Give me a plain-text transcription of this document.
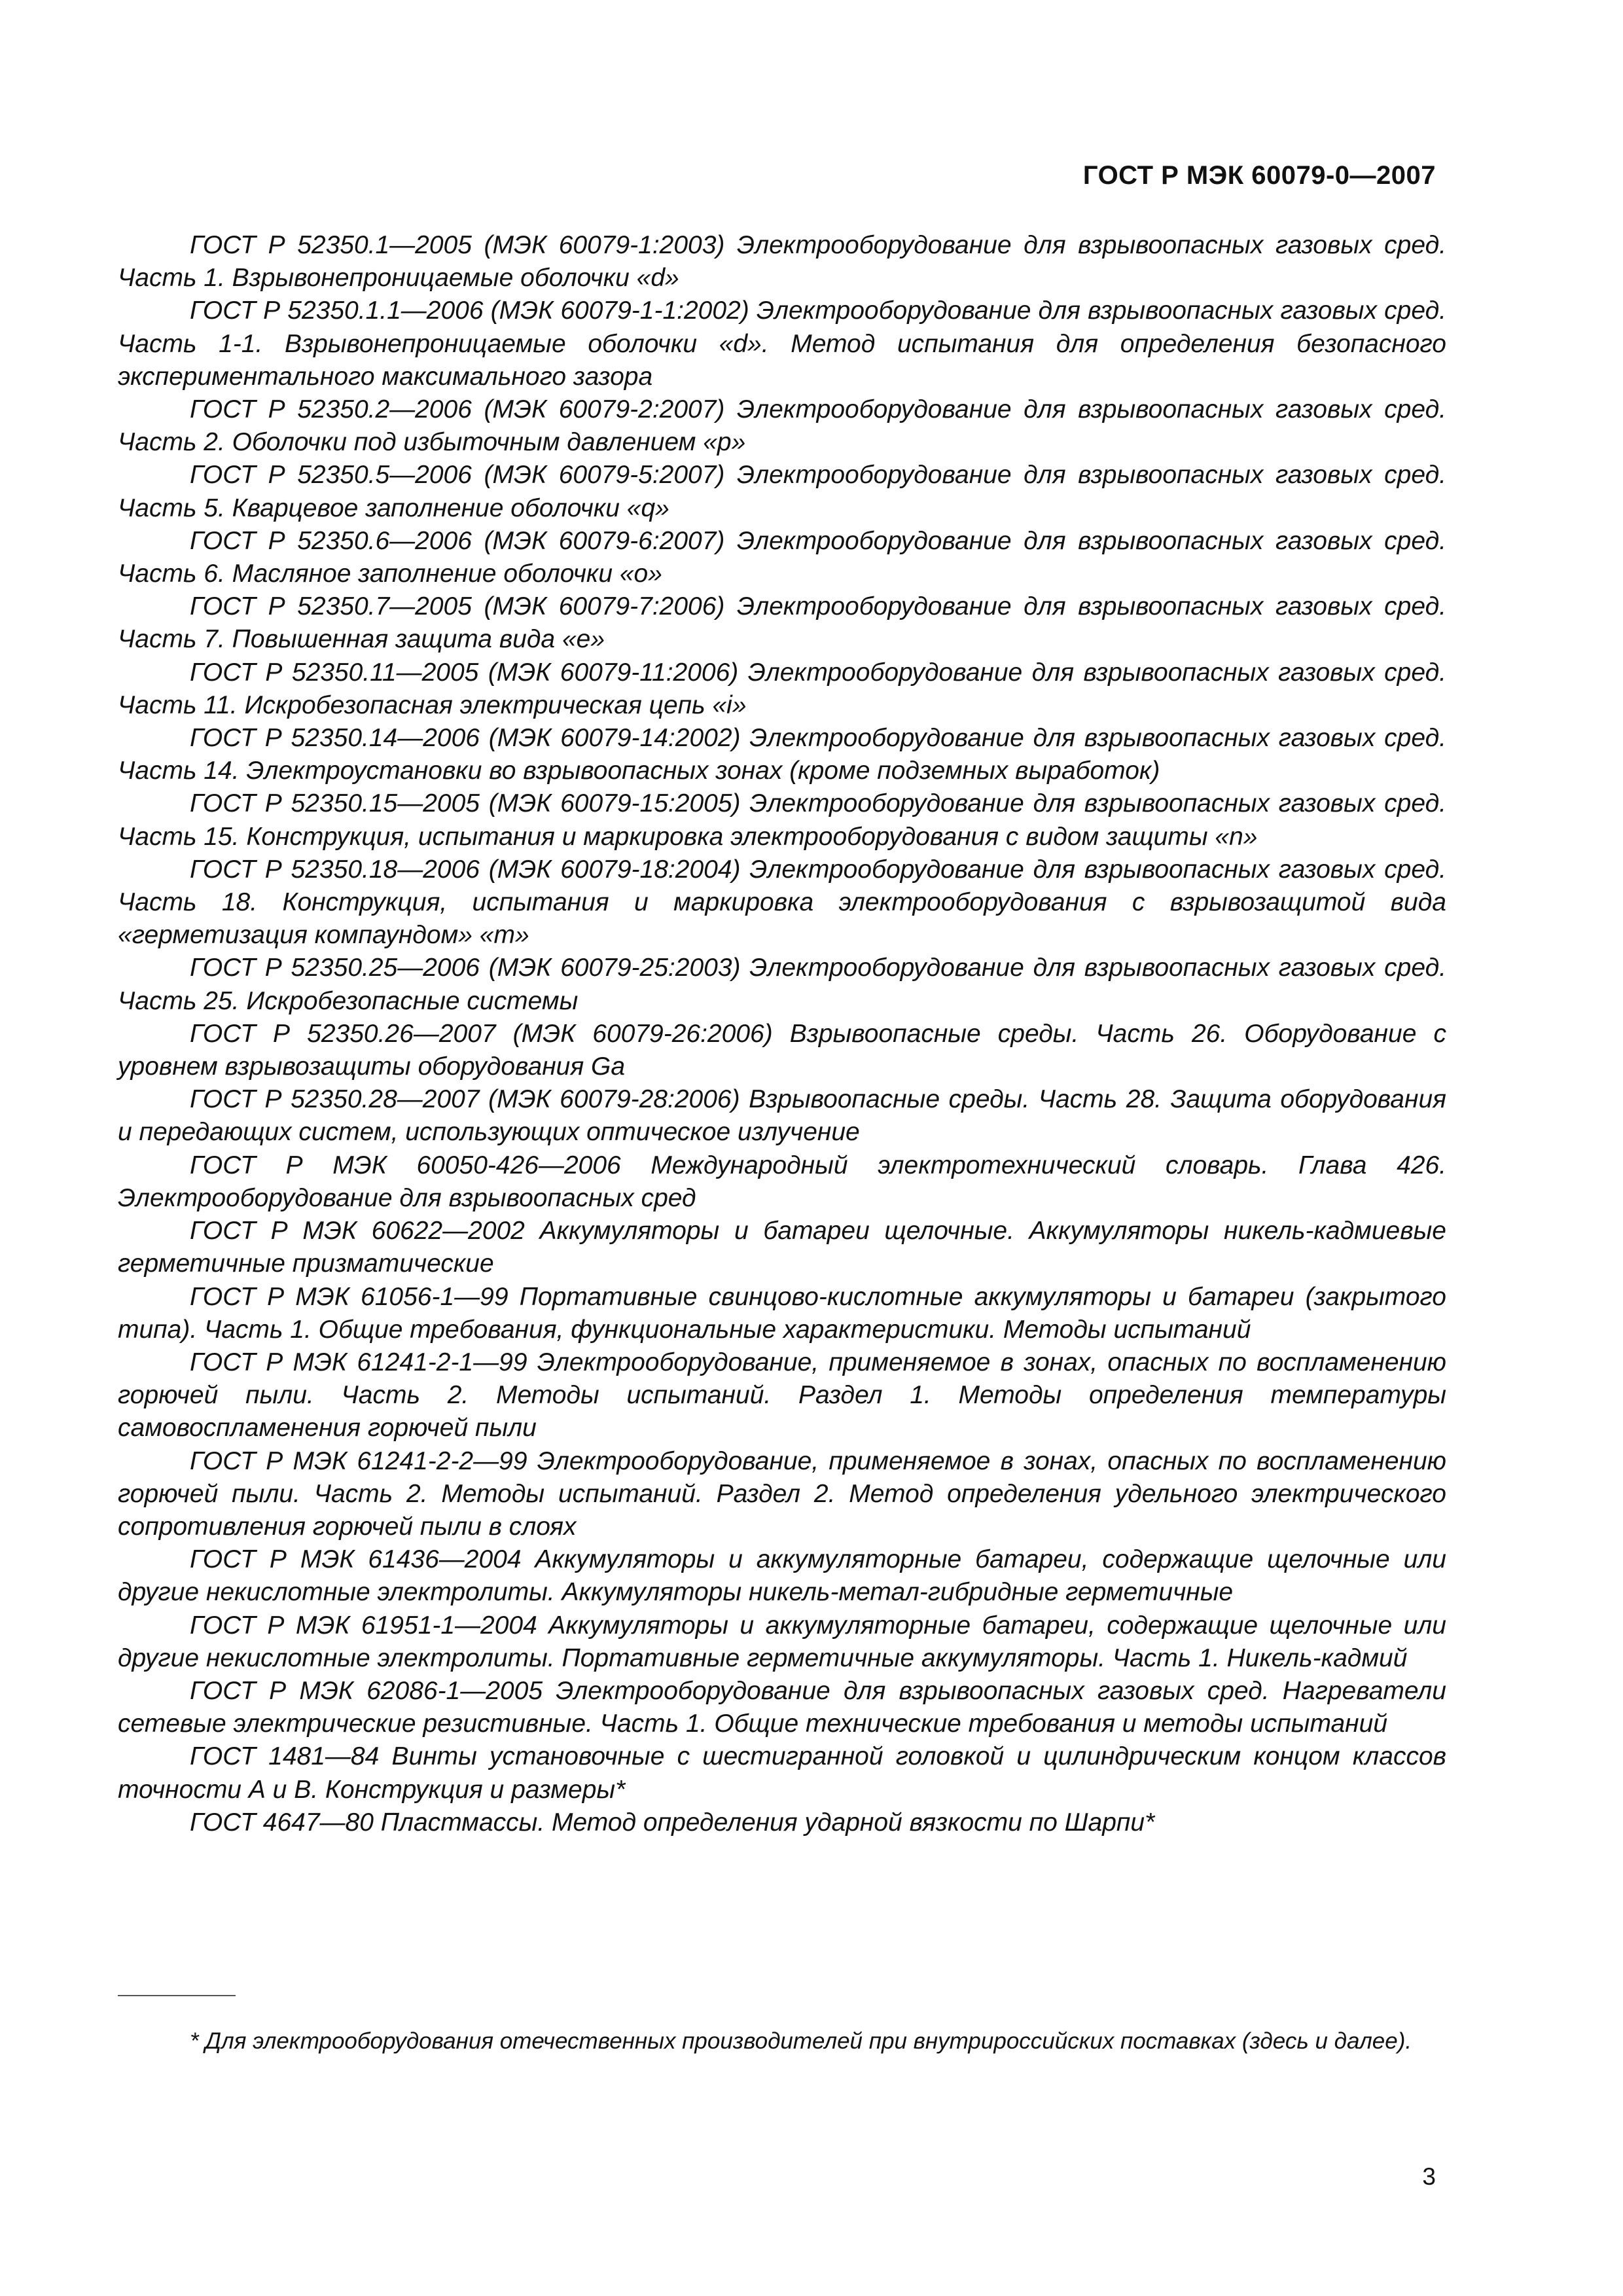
ГОСТ Р МЭК 60079-0—2007

ГОСТ Р 52350.1—2005 (МЭК 60079-1:2003) Электрооборудование для взрывоопасных газовых сред. Часть 1. Взрывонепроницаемые оболочки «d»

ГОСТ Р 52350.1.1—2006 (МЭК 60079-1-1:2002) Электрооборудование для взрывоопасных газовых сред. Часть 1-1. Взрывонепроницаемые оболочки «d». Метод испытания для определения безопасного экспериментального максимального зазора

ГОСТ Р 52350.2—2006 (МЭК 60079-2:2007) Электрооборудование для взрывоопасных газовых сред. Часть 2. Оболочки под избыточным давлением «р»

ГОСТ Р 52350.5—2006 (МЭК 60079-5:2007) Электрооборудование для взрывоопасных газовых сред. Часть 5. Кварцевое заполнение оболочки «q»

ГОСТ Р 52350.6—2006 (МЭК 60079-6:2007) Электрооборудование для взрывоопасных газовых сред. Часть 6. Масляное заполнение оболочки «о»

ГОСТ Р 52350.7—2005 (МЭК 60079-7:2006) Электрооборудование для взрывоопасных газовых сред. Часть 7. Повышенная защита вида «е»

ГОСТ Р 52350.11—2005 (МЭК 60079-11:2006) Электрооборудование для взрывоопасных газовых сред. Часть 11. Искробезопасная электрическая цепь «i»

ГОСТ Р 52350.14—2006 (МЭК 60079-14:2002) Электрооборудование для взрывоопасных газовых сред. Часть 14. Электроустановки во взрывоопасных зонах (кроме подземных выработок)

ГОСТ Р 52350.15—2005 (МЭК 60079-15:2005) Электрооборудование для взрывоопасных газовых сред. Часть 15. Конструкция, испытания и маркировка электрооборудования с видом защиты «n»

ГОСТ Р 52350.18—2006 (МЭК 60079-18:2004) Электрооборудование для взрывоопасных газовых сред. Часть 18. Конструкция, испытания и маркировка электрооборудования с взрывозащитой вида «герметизация компаундом» «m»

ГОСТ Р 52350.25—2006 (МЭК 60079-25:2003) Электрооборудование для взрывоопасных газовых сред. Часть 25. Искробезопасные системы

ГОСТ Р 52350.26—2007 (МЭК 60079-26:2006) Взрывоопасные среды. Часть 26. Оборудование с уровнем взрывозащиты оборудования Ga

ГОСТ Р 52350.28—2007 (МЭК 60079-28:2006) Взрывоопасные среды. Часть 28. Защита оборудования и передающих систем, использующих оптическое излучение

ГОСТ Р МЭК 60050-426—2006 Международный электротехнический словарь. Глава 426. Электрооборудование для взрывоопасных сред

ГОСТ Р МЭК 60622—2002 Аккумуляторы и батареи щелочные. Аккумуляторы никель-кадмиевые герметичные призматические

ГОСТ Р МЭК 61056-1—99 Портативные свинцово-кислотные аккумуляторы и батареи (закрытого типа). Часть 1. Общие требования, функциональные характеристики. Методы испытаний

ГОСТ Р МЭК 61241-2-1—99 Электрооборудование, применяемое в зонах, опасных по воспламенению горючей пыли. Часть 2. Методы испытаний. Раздел 1. Методы определения температуры самовоспламенения горючей пыли

ГОСТ Р МЭК 61241-2-2—99 Электрооборудование, применяемое в зонах, опасных по воспламенению горючей пыли. Часть 2. Методы испытаний. Раздел 2. Метод определения удельного электрического сопротивления горючей пыли в слоях

ГОСТ Р МЭК 61436—2004 Аккумуляторы и аккумуляторные батареи, содержащие щелочные или другие некислотные электролиты. Аккумуляторы никель-метал-гибридные герметичные

ГОСТ Р МЭК 61951-1—2004 Аккумуляторы и аккумуляторные батареи, содержащие щелочные или другие некислотные электролиты. Портативные герметичные аккумуляторы. Часть 1. Никель-кадмий

ГОСТ Р МЭК 62086-1—2005 Электрооборудование для взрывоопасных газовых сред. Нагреватели сетевые электрические резистивные. Часть 1. Общие технические требования и методы испытаний

ГОСТ 1481—84 Винты установочные с шестигранной головкой и цилиндрическим концом классов точности А и В. Конструкция и размеры*

ГОСТ 4647—80 Пластмассы. Метод определения ударной вязкости по Шарпи*

* Для электрооборудования отечественных производителей при внутрироссийских поставках (здесь и далее).

3
